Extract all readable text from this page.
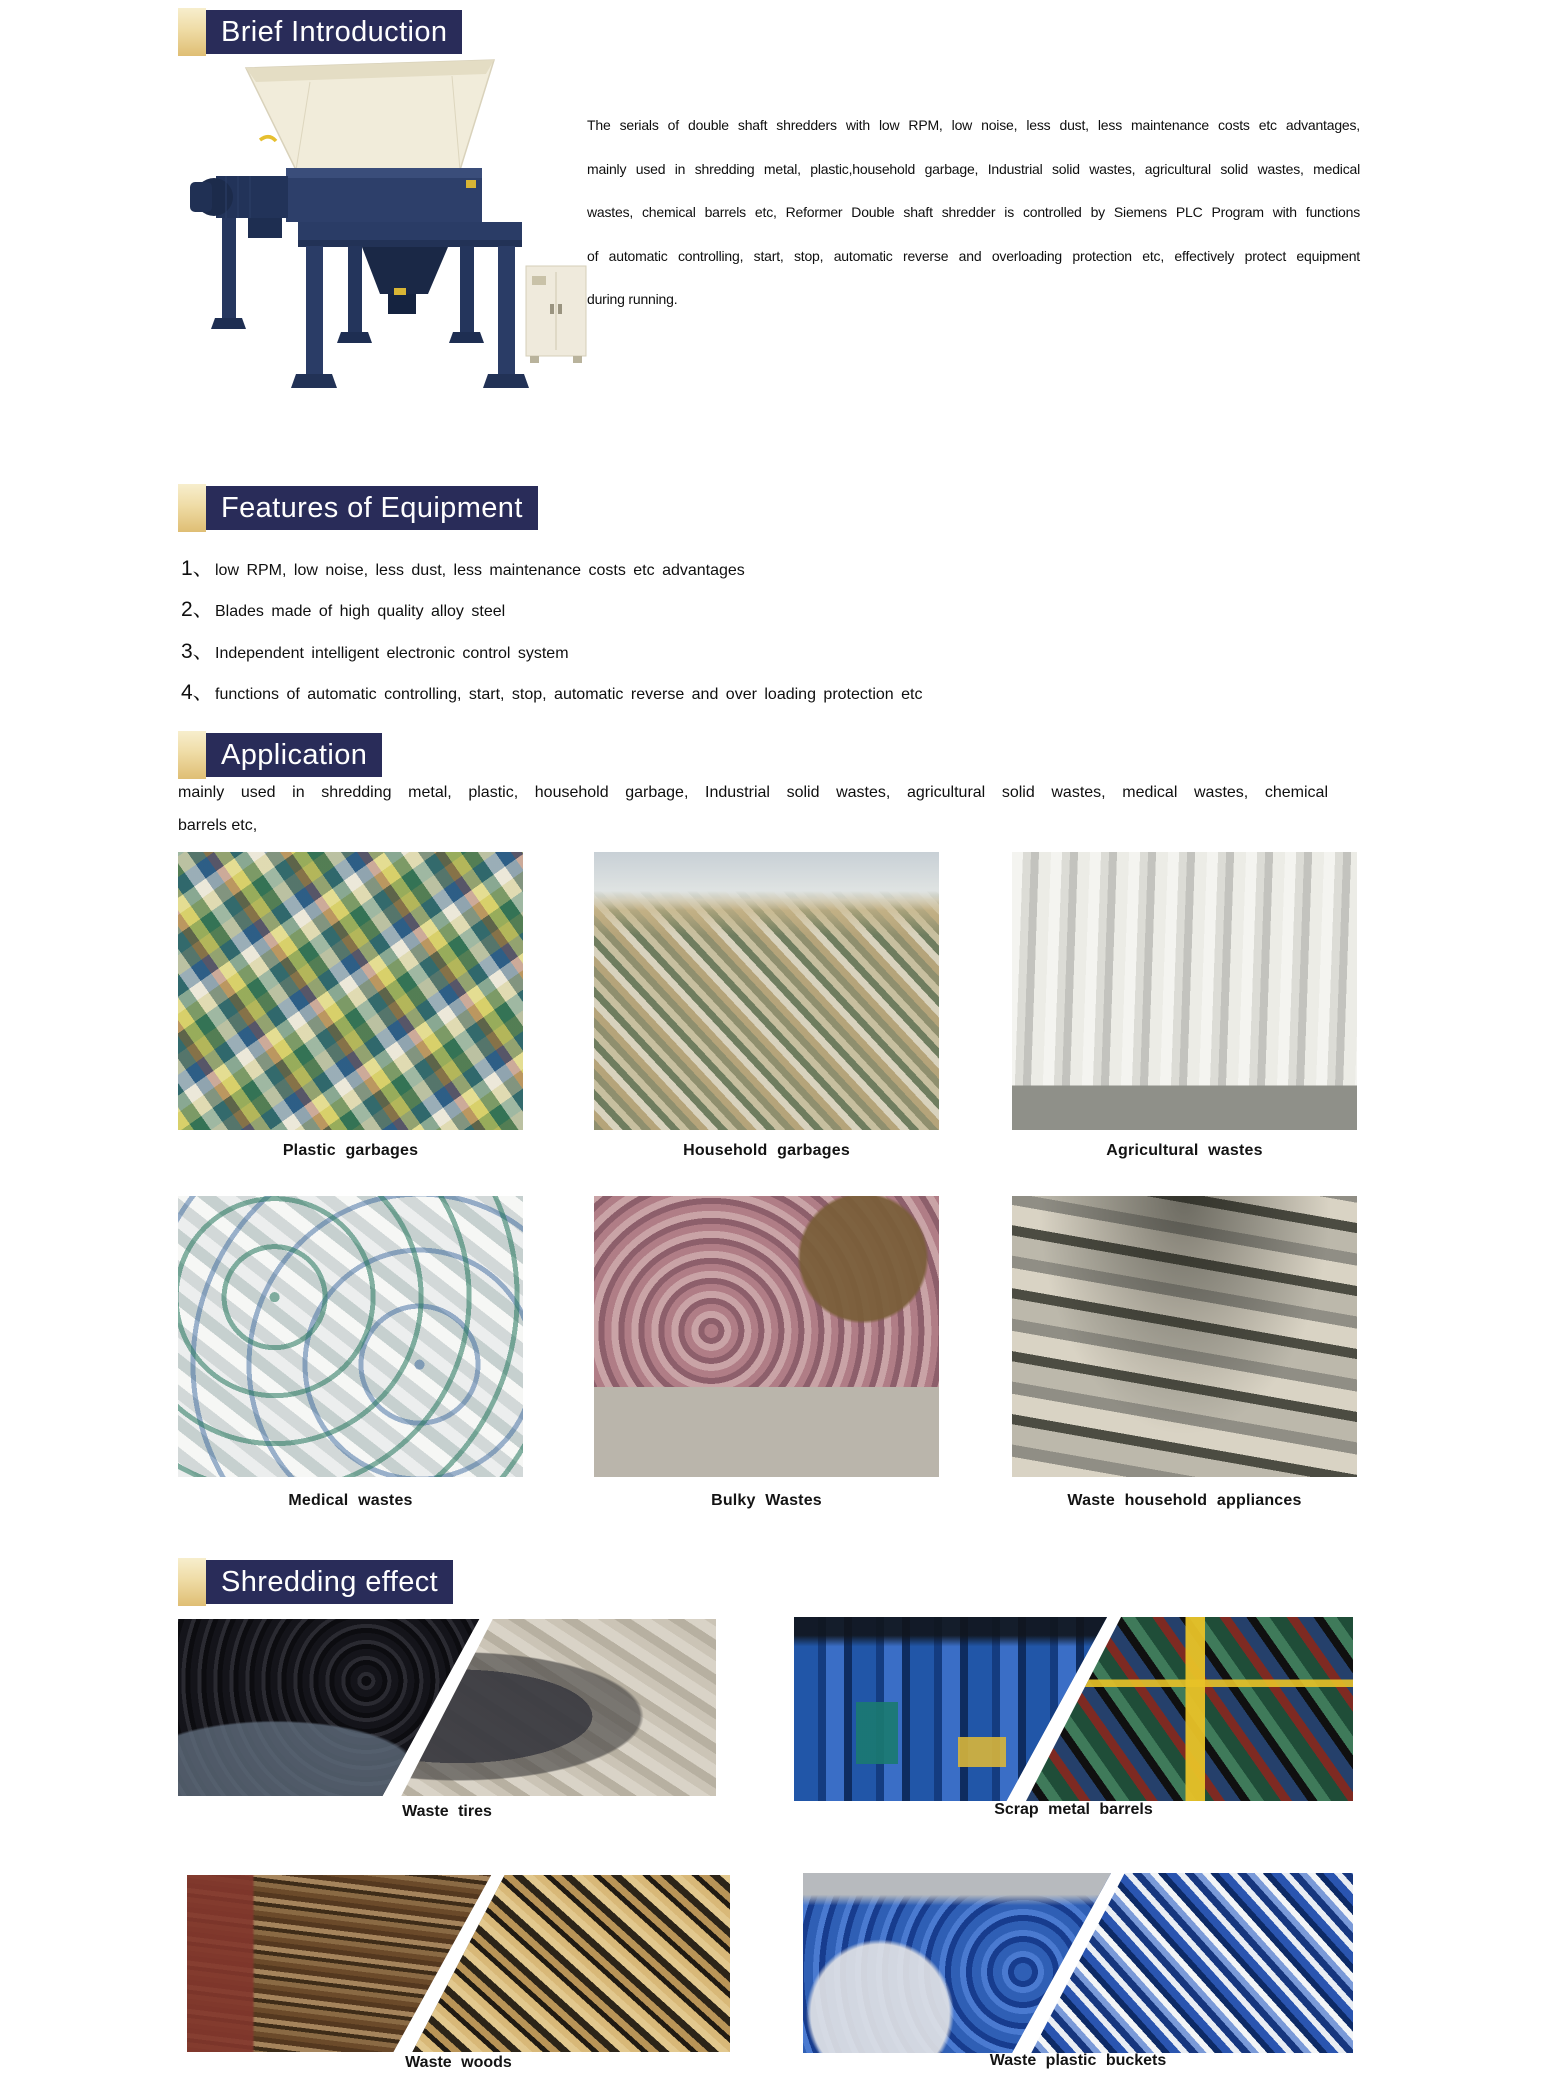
Brief Introduction
The serials of double shaft shredders with low RPM, low noise, less dust, less maintenance costs etc advantages,
mainly used in shredding metal, plastic,household garbage, Industrial solid wastes, agricultural solid wastes, medical
wastes, chemical barrels etc, Reformer Double shaft shredder is controlled by Siemens PLC Program with functions
of automatic controlling, start, stop, automatic reverse and overloading protection etc, effectively protect equipment
during running.
Features of Equipment
1、 low RPM, low noise, less dust, less maintenance costs etc advantages
2、 Blades made of high quality alloy steel
3、 Independent intelligent electronic control system
4、 functions of automatic controlling, start, stop, automatic reverse and over loading protection etc
Application
mainly used in shredding metal, plastic, household garbage, Industrial solid wastes, agricultural solid wastes, medical wastes, chemical
barrels etc,
Plastic garbages	Household garbages	Agricultural wastes
Medical wastes	Bulky Wastes	Waste household appliances
Shredding effect
Waste tires	Scrap metal barrels
Waste woods	Waste plastic buckets
